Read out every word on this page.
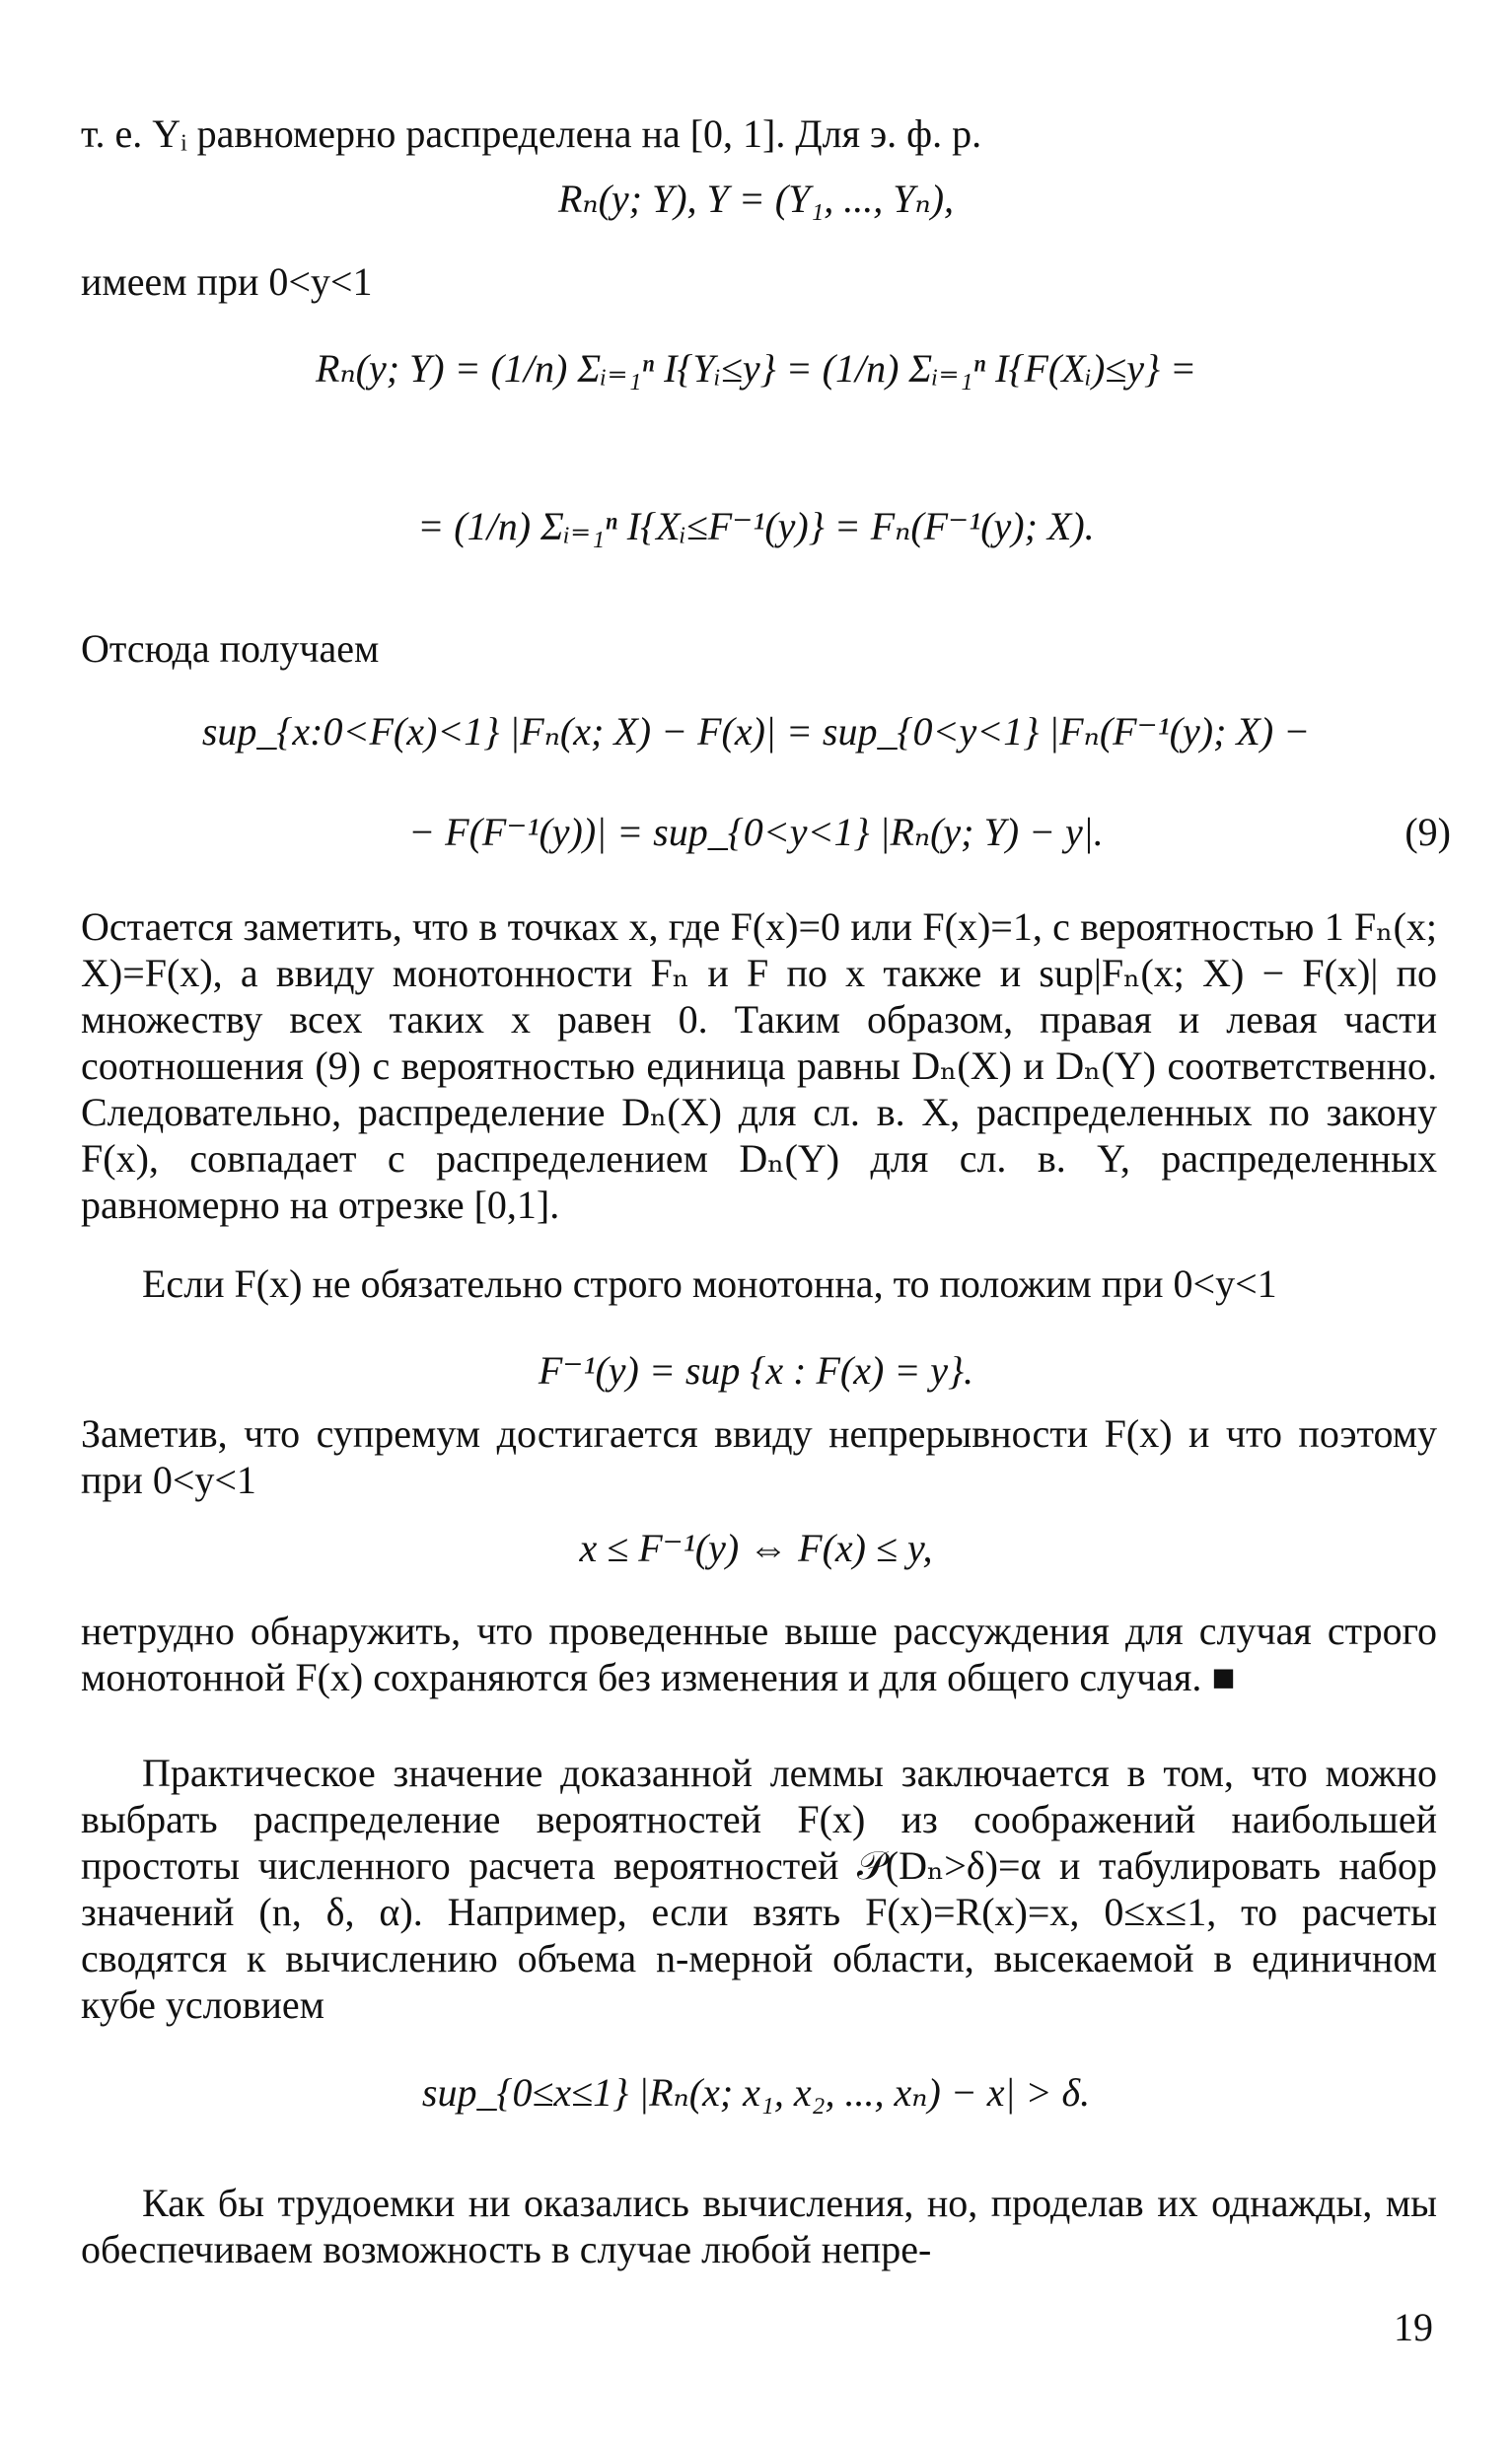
т. е. Yᵢ равномерно распределена на [0, 1]. Для э. ф. р.
Rₙ(y; Y), Y = (Y₁, ..., Yₙ),
имеем при 0<y<1
Rₙ(y; Y) = (1/n) Σᵢ₌₁ⁿ I{Yᵢ≤y} = (1/n) Σᵢ₌₁ⁿ I{F(Xᵢ)≤y} =
= (1/n) Σᵢ₌₁ⁿ I{Xᵢ≤F⁻¹(y)} = Fₙ(F⁻¹(y); X).
Отсюда получаем
sup_{x:0<F(x)<1} |Fₙ(x; X) − F(x)| = sup_{0<y<1} |Fₙ(F⁻¹(y); X) −
− F(F⁻¹(y))| = sup_{0<y<1} |Rₙ(y; Y) − y|.	(9)
Остается заметить, что в точках x, где F(x)=0 или F(x)=1, с вероятностью 1 Fₙ(x; X)=F(x), а ввиду монотонности Fₙ и F по x также и sup|Fₙ(x; X) − F(x)| по множеству всех таких x равен 0. Таким образом, правая и левая части соотношения (9) с вероятностью единица равны Dₙ(X) и Dₙ(Y) соответственно. Следовательно, распределение Dₙ(X) для сл. в. X, распределенных по закону F(x), совпадает с распределением Dₙ(Y) для сл. в. Y, распределенных равномерно на отрезке [0,1].
Если F(x) не обязательно строго монотонна, то положим при 0<y<1
F⁻¹(y) = sup {x : F(x) = y}.
Заметив, что супремум достигается ввиду непрерывности F(x) и что поэтому при 0<y<1
x ≤ F⁻¹(y) ⇔ F(x) ≤ y,
нетрудно обнаружить, что проведенные выше рассуждения для случая строго монотонной F(x) сохраняются без изменения и для общего случая. ■
Практическое значение доказанной леммы заключается в том, что можно выбрать распределение вероятностей F(x) из соображений наибольшей простоты численного расчета вероятностей 𝒫(Dₙ>δ)=α и табулировать набор значений (n, δ, α). Например, если взять F(x)=R(x)=x, 0≤x≤1, то расчеты сводятся к вычислению объема n-мерной области, высекаемой в единичном кубе условием
sup_{0≤x≤1} |Rₙ(x; x₁, x₂, ..., xₙ) − x| > δ.
Как бы трудоемки ни оказались вычисления, но, проделав их однажды, мы обеспечиваем возможность в случае любой непре-
19
